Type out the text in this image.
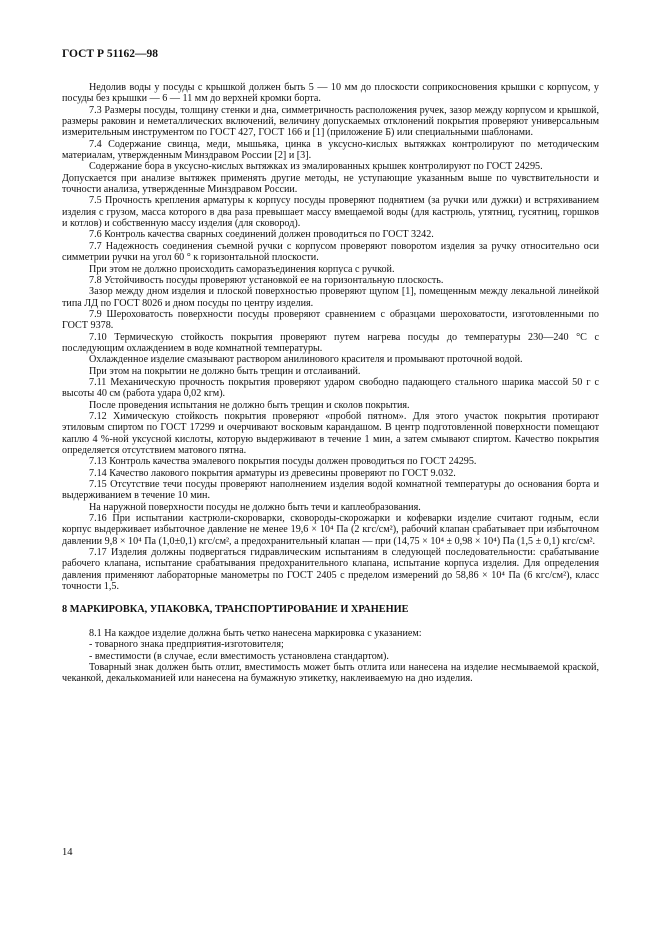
ГОСТ Р 51162—98

Недолив воды у посуды с крышкой должен быть 5 — 10 мм до плоскости соприкосновения крышки с корпусом, у посуды без крышки — 6 — 11 мм до верхней кромки борта.

7.3 Размеры посуды, толщину стенки и дна, симметричность расположения ручек, зазор между корпусом и крышкой, размеры раковин и неметаллических включений, величину допускаемых отклонений покрытия проверяют универсальным измерительным инструментом по ГОСТ 427, ГОСТ 166 и [1] (приложение Б) или специальными шаблонами.

7.4 Содержание свинца, меди, мышьяка, цинка в уксусно-кислых вытяжках контролируют по методическим материалам, утвержденным Минздравом России [2] и [3].

Содержание бора в уксусно-кислых вытяжках из эмалированных крышек контролируют по ГОСТ 24295.

Допускается при анализе вытяжек применять другие методы, не уступающие указанным выше по чувствительности и точности анализа, утвержденные Минздравом России.

7.5 Прочность крепления арматуры к корпусу посуды проверяют поднятием (за ручки или дужки) и встряхиванием изделия с грузом, масса которого в два раза превышает массу вмещаемой воды (для кастрюль, утятниц, гусятниц, горшков и котлов) и собственную массу изделия (для сковород).

7.6 Контроль качества сварных соединений должен проводиться по ГОСТ 3242.

7.7 Надежность соединения съемной ручки с корпусом проверяют поворотом изделия за ручку относительно оси симметрии ручки на угол 60 ° к горизонтальной плоскости.

При этом не должно происходить саморазъединения корпуса с ручкой.

7.8 Устойчивость посуды проверяют установкой ее на горизонтальную плоскость.

Зазор между дном изделия и плоской поверхностью проверяют щупом [1], помещенным между лекальной линейкой типа ЛД по ГОСТ 8026 и дном посуды по центру изделия.

7.9 Шероховатость поверхности посуды проверяют сравнением с образцами шероховатости, изготовленными по ГОСТ 9378.

7.10 Термическую стойкость покрытия проверяют путем нагрева посуды до температуры 230—240 °С с последующим охлаждением в воде комнатной температуры.

Охлажденное изделие смазывают раствором анилинового красителя и промывают проточной водой.

При этом на покрытии не должно быть трещин и отслаиваний.

7.11 Механическую прочность покрытия проверяют ударом свободно падающего стального шарика массой 50 г с высоты 40 см (работа удара 0,02 кгм).

После проведения испытания не должно быть трещин и сколов покрытия.

7.12 Химическую стойкость покрытия проверяют «пробой пятном». Для этого участок покрытия протирают этиловым спиртом по ГОСТ 17299 и очерчивают восковым карандашом. В центр подготовленной поверхности помещают каплю 4 %-ной уксусной кислоты, которую выдерживают в течение 1 мин, а затем смывают спиртом. Качество покрытия определяется отсутствием матового пятна.

7.13 Контроль качества эмалевого покрытия посуды должен проводиться по ГОСТ 24295.

7.14 Качество лакового покрытия арматуры из древесины проверяют по ГОСТ 9.032.

7.15 Отсутствие течи посуды проверяют наполнением изделия водой комнатной температуры до основания борта и выдерживанием в течение 10 мин.

На наружной поверхности посуды не должно быть течи и каплеобразования.

7.16 При испытании кастрюли-скороварки, сковороды-скорожарки и кофеварки изделие считают годным, если корпус выдерживает избыточное давление не менее 19,6 × 10⁴ Па (2 кгс/см²), рабочий клапан срабатывает при избыточном давлении 9,8 × 10⁴ Па (1,0±0,1) кгс/см², а предохранительный клапан — при (14,75 × 10⁴ ± 0,98 × 10⁴) Па (1,5 ± 0,1) кгс/см².

7.17 Изделия должны подвергаться гидравлическим испытаниям в следующей последовательности: срабатывание рабочего клапана, испытание срабатывания предохранительного клапана, испытание корпуса изделия. Для определения давления применяют лабораторные манометры по ГОСТ 2405 с пределом измерений до 58,86 × 10⁴ Па (6 кгс/см²), класс точности 1,5.

8 МАРКИРОВКА, УПАКОВКА, ТРАНСПОРТИРОВАНИЕ И ХРАНЕНИЕ

8.1 На каждое изделие должна быть четко нанесена маркировка с указанием:

- товарного знака предприятия-изготовителя;

- вместимости (в случае, если вместимость установлена стандартом).

Товарный знак должен быть отлит, вместимость может быть отлита или нанесена на изделие несмываемой краской, чеканкой, декалькоманией или нанесена на бумажную этикетку, наклеиваемую на дно изделия.

14
